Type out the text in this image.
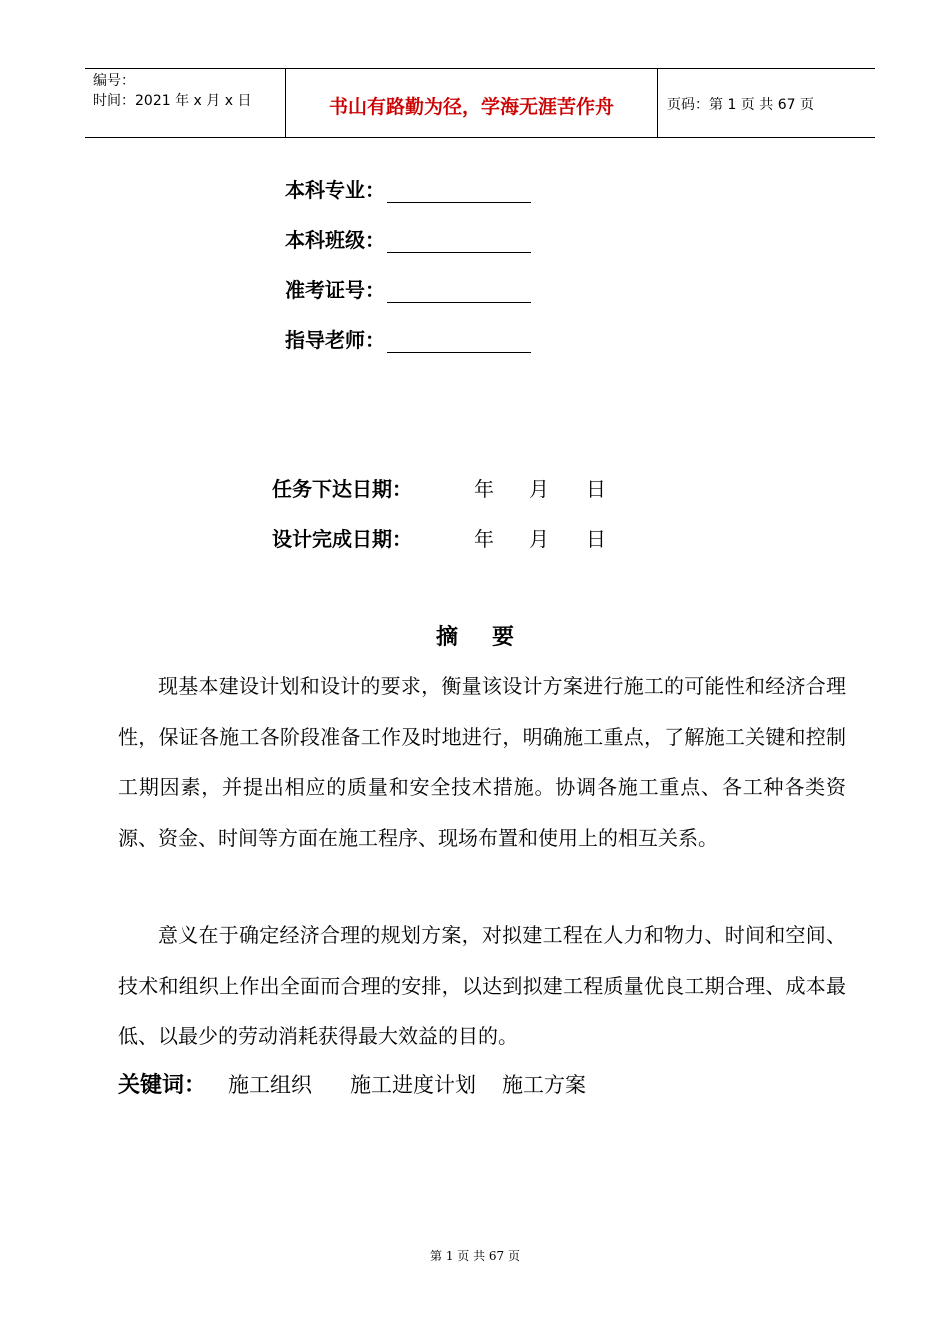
编号：
时间：2021 年 x 月 x 日	书山有路勤为径，学海无涯苦作舟	页码：第 1 页 共 67 页
本科专业：
本科班级：
准考证号：
指导老师：
任务下达日期：	年 月 日
设计完成日期：	年 月 日
摘要

现基本建设计划和设计的要求，衡量该设计方案进行施工的可能性和经济合理性，保证各施工各阶段准备工作及时地进行，明确施工重点，了解施工关键和控制工期因素，并提出相应的质量和安全技术措施。协调各施工重点、各工种各类资源、资金、时间等方面在施工程序、现场布置和使用上的相互关系。

意义在于确定经济合理的规划方案，对拟建工程在人力和物力、时间和空间、技术和组织上作出全面而合理的安排，以达到拟建工程质量优良工期合理、成本最低、以最少的劳动消耗获得最大效益的目的。

关键词： 施工组织 施工进度计划 施工方案
第 1 页 共 67 页
